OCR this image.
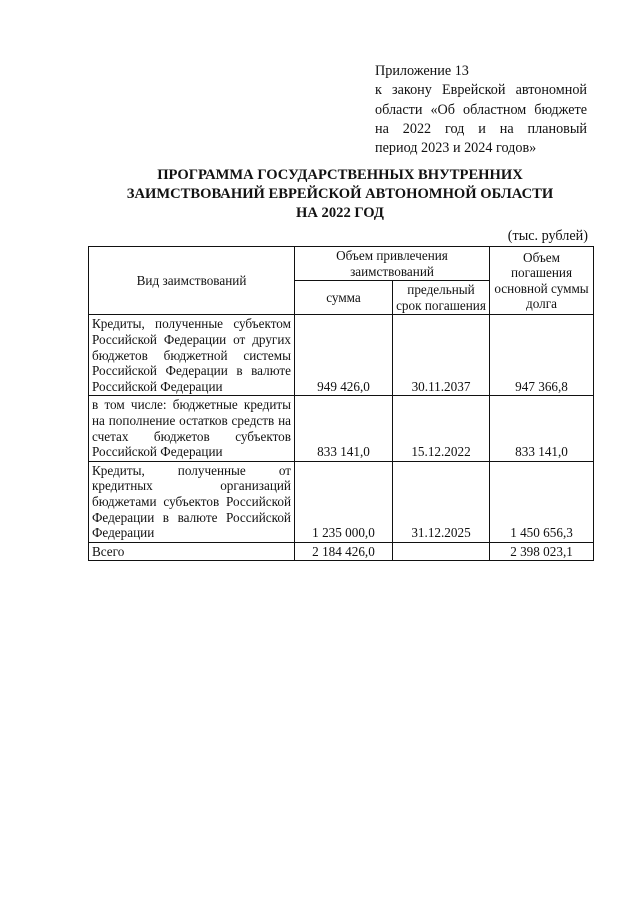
Приложение 13
к закону Еврейской автономной
области «Об областном бюджете
на 2022 год и на плановый
период 2023 и 2024 годов»
ПРОГРАММА ГОСУДАРСТВЕННЫХ ВНУТРЕННИХ
ЗАИМСТВОВАНИЙ ЕВРЕЙСКОЙ АВТОНОМНОЙ ОБЛАСТИ
НА 2022 ГОД
(тыс. рублей)
Вид заимствований	Объем привлечения заимствований		Объем погашения основной суммы долга
	сумма	предельный срок погашения	
Кредиты, полученные субъектом Российской Федерации от других бюджетов бюджетной системы Российской Федерации в валюте Российской Федерации	949 426,0	30.11.2037	947 366,8
в том числе: бюджетные кредиты на пополнение остатков средств на счетах бюджетов субъектов Российской Федерации	833 141,0	15.12.2022	833 141,0
Кредиты, полученные от кредитных организаций бюджетами субъектов Российской Федерации в валюте Российской Федерации	1 235 000,0	31.12.2025	1 450 656,3
Всего	2 184 426,0		2 398 023,1
